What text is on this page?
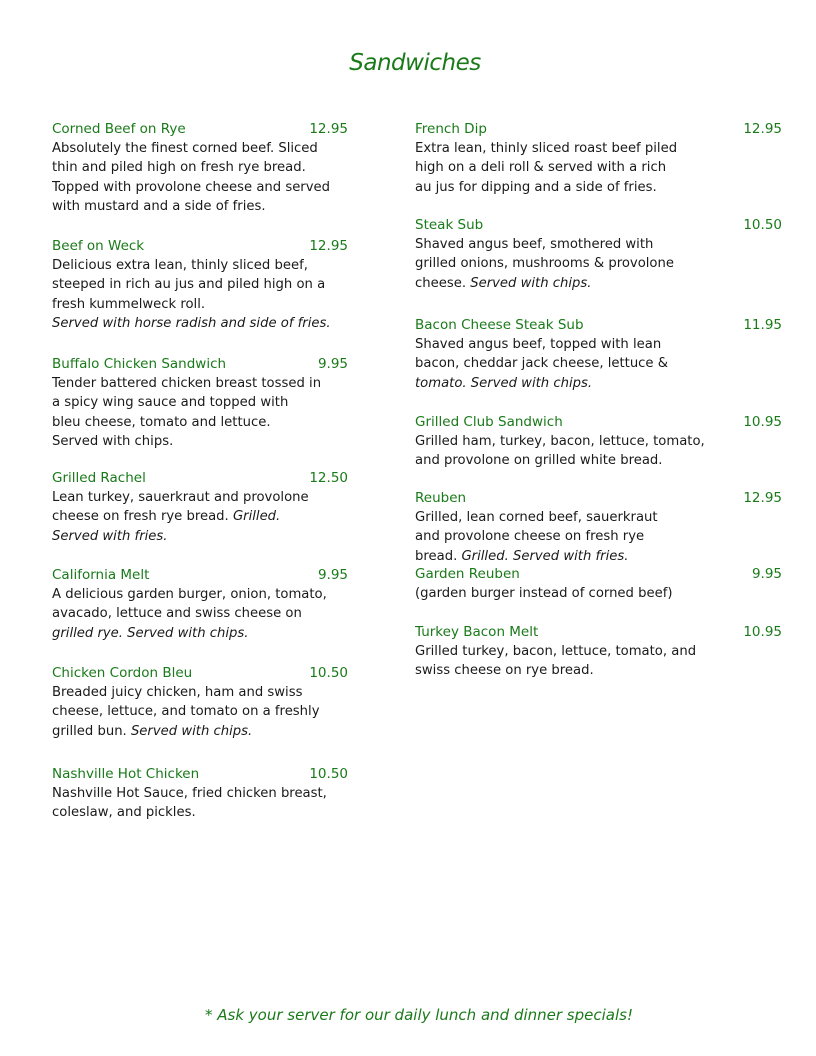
Sandwiches
Corned Beef on Rye	12.95
Absolutely the finest corned beef. Sliced
thin and piled high on fresh rye bread.
Topped with provolone cheese and served
with mustard and a side of fries.
Beef on Weck	12.95
Delicious extra lean, thinly sliced beef,
steeped in rich au jus and piled high on a
fresh kummelweck roll.
Served with horse radish and side of fries.
Buffalo Chicken Sandwich	9.95
Tender battered chicken breast tossed in
a spicy wing sauce and topped with
bleu cheese, tomato and lettuce.
Served with chips.
Grilled Rachel	12.50
Lean turkey, sauerkraut and provolone
cheese on fresh rye bread. Grilled.
Served with fries.
California Melt	9.95
A delicious garden burger, onion, tomato,
avacado, lettuce and swiss cheese on
grilled rye. Served with chips.
Chicken Cordon Bleu	10.50
Breaded juicy chicken, ham and swiss
cheese, lettuce, and tomato on a freshly
grilled bun. Served with chips.
Nashville Hot Chicken	10.50
Nashville Hot Sauce, fried chicken breast,
coleslaw, and pickles.
French Dip	12.95
Extra lean, thinly sliced roast beef piled
high on a deli roll & served with a rich
au jus for dipping and a side of fries.
Steak Sub	10.50
Shaved angus beef, smothered with
grilled onions, mushrooms & provolone
cheese. Served with chips.
Bacon Cheese Steak Sub	11.95
Shaved angus beef, topped with lean
bacon, cheddar jack cheese, lettuce &
tomato. Served with chips.
Grilled Club Sandwich	10.95
Grilled ham, turkey, bacon, lettuce, tomato,
and provolone on grilled white bread.
Reuben	12.95
Grilled, lean corned beef, sauerkraut
and provolone cheese on fresh rye
bread. Grilled. Served with fries.
Garden Reuben	9.95
(garden burger instead of corned beef)
Turkey Bacon Melt	10.95
Grilled turkey, bacon, lettuce, tomato, and
swiss cheese on rye bread.
* Ask your server for our daily lunch and dinner specials!
